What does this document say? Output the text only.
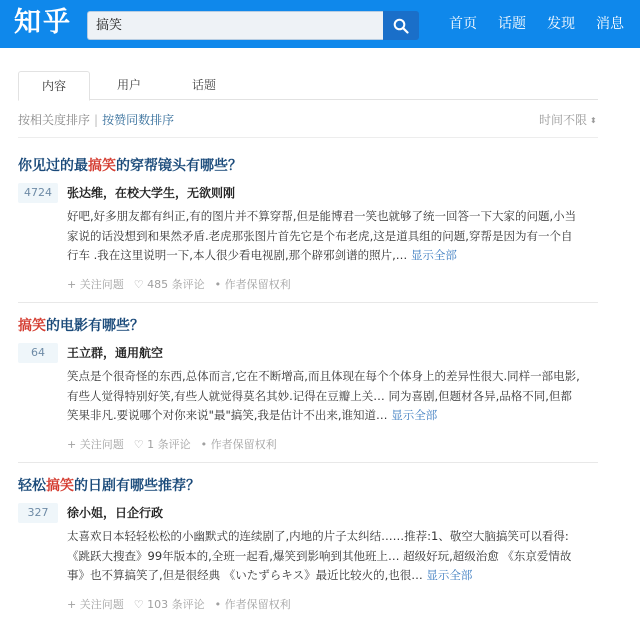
知乎	搞笑	首页 话题 发现 消息
内容	用户	话题
按相关度排序 | 按赞同数排序	时间不限 ⬍
你见过的最搞笑的穿帮镜头有哪些？
4724	张达维，在校大学生，无欲则刚
好吧,好多朋友都有纠正,有的图片并不算穿帮,但是能博君一笑也就够了统一回答一下大家的问题,小当
家说的话没想到和果然矛盾.老虎那张图片首先它是个布老虎,这是道具组的问题,穿帮是因为有一个自
行车 .我在这里说明一下,本人很少看电视剧,那个辟邪剑谱的照片,… 显示全部
+ 关注问题 ♡ 485 条评论 • 作者保留权利
搞笑的电影有哪些？
64	王立群，通用航空
笑点是个很奇怪的东西,总体而言,它在不断增高,而且体现在每个个体身上的差异性很大.同样一部电影,
有些人觉得特别好笑,有些人就觉得莫名其妙.记得在豆瓣上关… 同为喜剧,但题材各异,品格不同,但都
笑果非凡.要说哪个对你来说"最"搞笑,我是估计不出来,谁知道… 显示全部
+ 关注问题 ♡ 1 条评论 • 作者保留权利
轻松搞笑的日剧有哪些推荐？
327	徐小姐，日企行政
太喜欢日本轻轻松松的小幽默式的连续剧了,内地的片子太纠结……推荐:1、敬空大脑搞笑可以看得:
《跳跃大搜查》99年版本的,全班一起看,爆笑到影响到其他班上… 超级好玩,超级治愈 《东京爱情故
事》也不算搞笑了,但是很经典 《いたずらキス》最近比较火的,也很… 显示全部
+ 关注问题 ♡ 103 条评论 • 作者保留权利
